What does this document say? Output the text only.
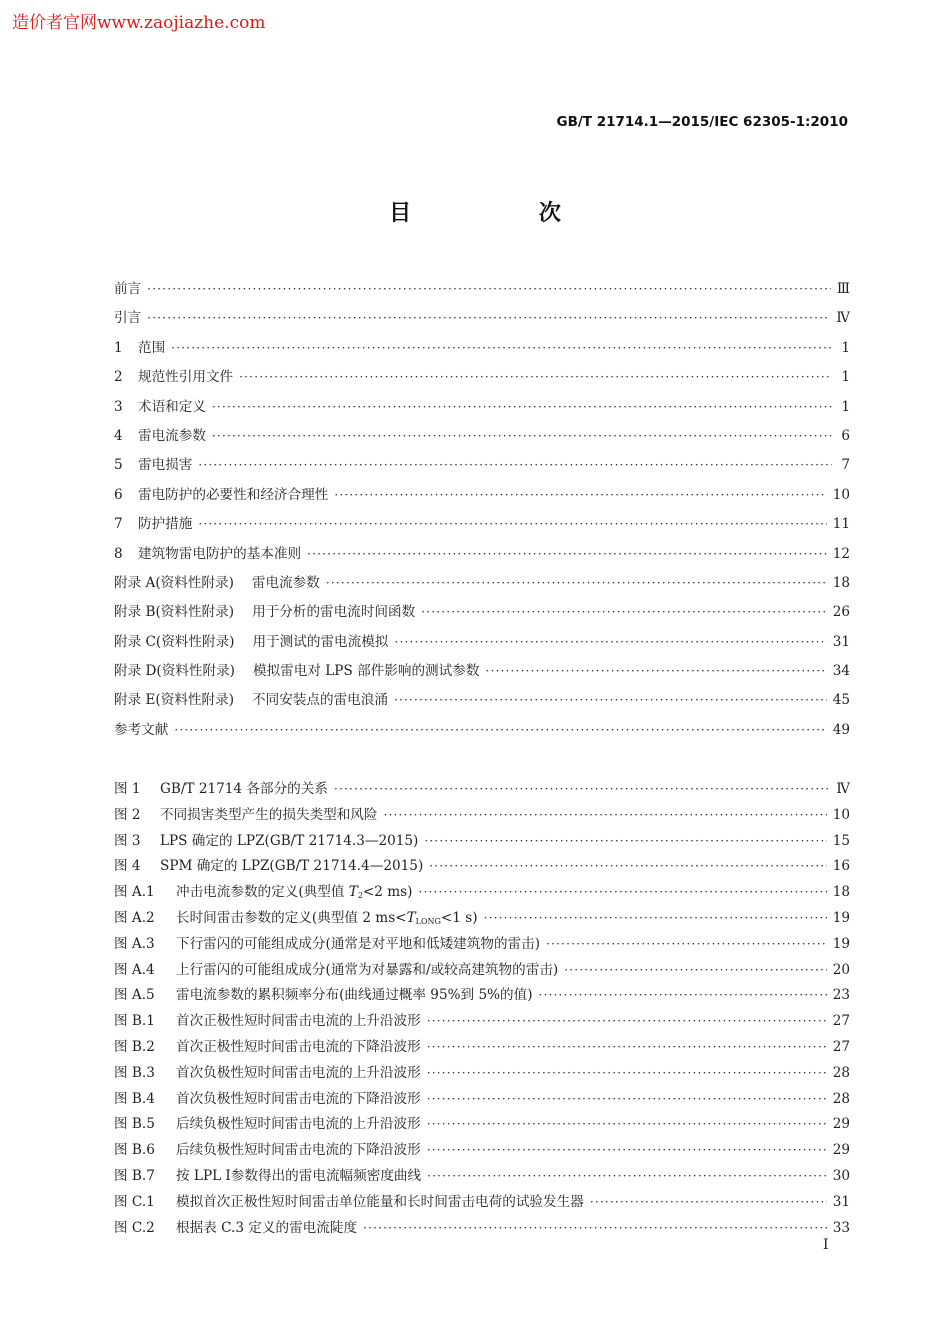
造价者官网www.zaojiazhe.com
GB/T 21714.1—2015/IEC 62305-1:2010
目 次
前言 ·····	Ⅲ
引言 ·····	Ⅳ
1	范围 ·····	1
2	规范性引用文件 ·····	1
3	术语和定义 ·····	1
4	雷电流参数 ·····	6
5	雷电损害 ·····	7
6	雷电防护的必要性和经济合理性 ·····	10
7	防护措施 ·····	11
8	建筑物雷电防护的基本准则 ·····	12
附录 A(资料性附录) 雷电流参数 ·····	18
附录 B(资料性附录) 用于分析的雷电流时间函数 ·····	26
附录 C(资料性附录) 用于测试的雷电流模拟 ·····	31
附录 D(资料性附录) 模拟雷电对 LPS 部件影响的测试参数 ·····	34
附录 E(资料性附录) 不同安装点的雷电浪涌 ·····	45
参考文献 ·····	49
图 1	GB/T 21714 各部分的关系 ·····	Ⅳ
图 2	不同损害类型产生的损失类型和风险 ·····	10
图 3	LPS 确定的 LPZ(GB/T 21714.3—2015) ·····	15
图 4	SPM 确定的 LPZ(GB/T 21714.4—2015) ·····	16
图 A.1	冲击电流参数的定义(典型值 $T_2<2$ ms) ·····	18
图 A.2	长时间雷击参数的定义(典型值 2 $ms<T_{LONG}<1$ s) ·····	19
图 A.3	下行雷闪的可能组成成分(通常是对平地和低矮建筑物的雷击) ·····	19
图 A.4	上行雷闪的可能组成成分(通常为对暴露和/或较高建筑物的雷击) ·····	20
图 A.5	雷电流参数的累积频率分布(曲线通过概率 95%到 5%的值) ·····	23
图 B.1	首次正极性短时间雷击电流的上升沿波形 ·····	27
图 B.2	首次正极性短时间雷击电流的下降沿波形 ·····	27
图 B.3	首次负极性短时间雷击电流的上升沿波形 ·····	28
图 B.4	首次负极性短时间雷击电流的下降沿波形 ·····	28
图 B.5	后续负极性短时间雷击电流的上升沿波形 ·····	29
图 B.6	后续负极性短时间雷击电流的下降沿波形 ·····	29
图 B.7	按 LPL Ⅰ参数得出的雷电流幅频密度曲线 ·····	30
图 C.1	模拟首次正极性短时间雷击单位能量和长时间雷击电荷的试验发生器 ·····	31
图 C.2	根据表 C.3 定义的雷电流陡度 ·····	33
Ⅰ
